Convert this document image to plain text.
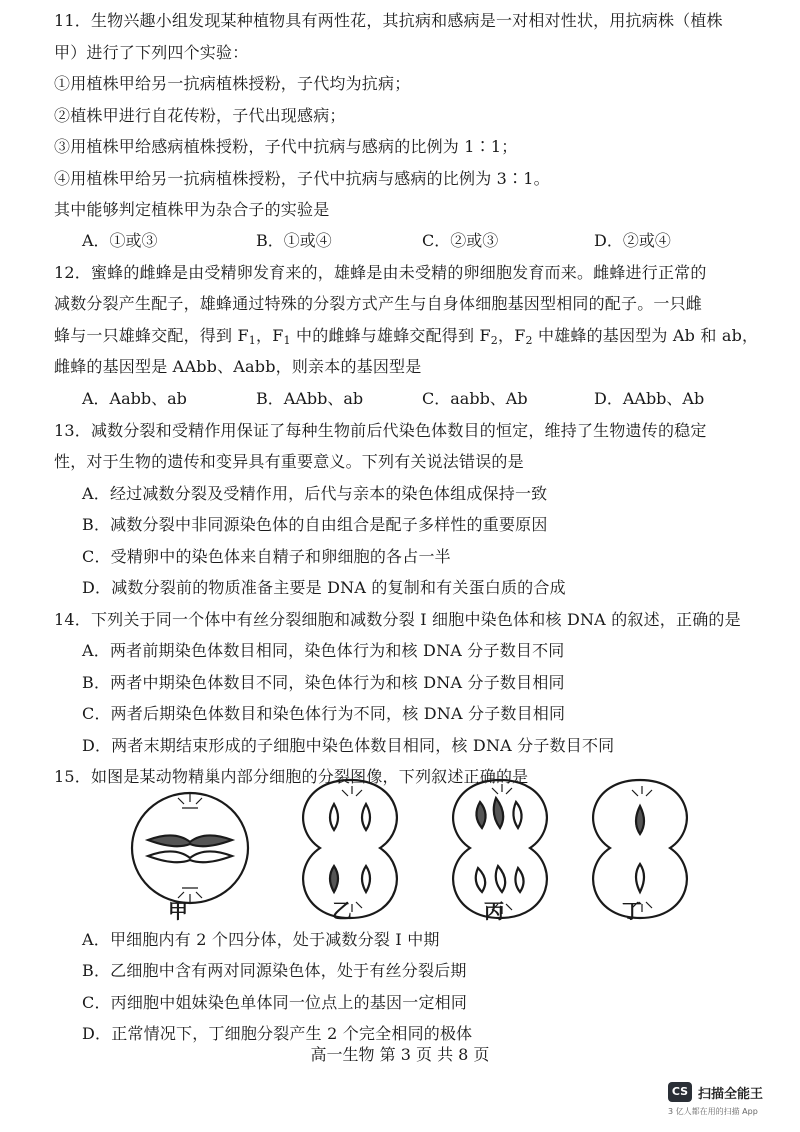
11．生物兴趣小组发现某种植物具有两性花，其抗病和感病是一对相对性状，用抗病株（植株
甲）进行了下列四个实验：
①用植株甲给另一抗病植株授粉，子代均为抗病；
②植株甲进行自花传粉，子代出现感病；
③用植株甲给感病植株授粉，子代中抗病与感病的比例为 1∶1；
④用植株甲给另一抗病植株授粉，子代中抗病与感病的比例为 3∶1。
其中能够判定植株甲为杂合子的实验是
A．①或③	B．①或④	C．②或③	D．②或④
12．蜜蜂的雌蜂是由受精卵发育来的，雄蜂是由未受精的卵细胞发育而来。雌蜂进行正常的
减数分裂产生配子，雄蜂通过特殊的分裂方式产生与自身体细胞基因型相同的配子。一只雌
蜂与一只雄蜂交配，得到 $F_1$，$F_1$ 中的雌蜂与雄蜂交配得到 $F_2$，$F_2$ 中雄蜂的基因型为 Ab 和 ab，
雌蜂的基因型是 AAbb、Aabb，则亲本的基因型是
A．Aabb、ab	B．AAbb、ab	C．aabb、Ab	D．AAbb、Ab
13．减数分裂和受精作用保证了每种生物前后代染色体数目的恒定，维持了生物遗传的稳定
性，对于生物的遗传和变异具有重要意义。下列有关说法错误的是
A．经过减数分裂及受精作用，后代与亲本的染色体组成保持一致
B．减数分裂中非同源染色体的自由组合是配子多样性的重要原因
C．受精卵中的染色体来自精子和卵细胞的各占一半
D．减数分裂前的物质准备主要是 DNA 的复制和有关蛋白质的合成
14．下列关于同一个体中有丝分裂细胞和减数分裂 I 细胞中染色体和核 DNA 的叙述，正确的是
A．两者前期染色体数目相同，染色体行为和核 DNA 分子数目不同
B．两者中期染色体数目不同，染色体行为和核 DNA 分子数目相同
C．两者后期染色体数目和染色体行为不同，核 DNA 分子数目相同
D．两者末期结束形成的子细胞中染色体数目相同，核 DNA 分子数目不同
15．如图是某动物精巢内部分细胞的分裂图像，下列叙述正确的是
甲	乙	丙	丁
A．甲细胞内有 2 个四分体，处于减数分裂 I 中期
B．乙细胞中含有两对同源染色体，处于有丝分裂后期
C．丙细胞中姐妹染色单体同一位点上的基因一定相同
D．正常情况下，丁细胞分裂产生 2 个完全相同的极体
高一生物 第 3 页 共 8 页
CS 扫描全能王
3 亿人都在用的扫描 App
